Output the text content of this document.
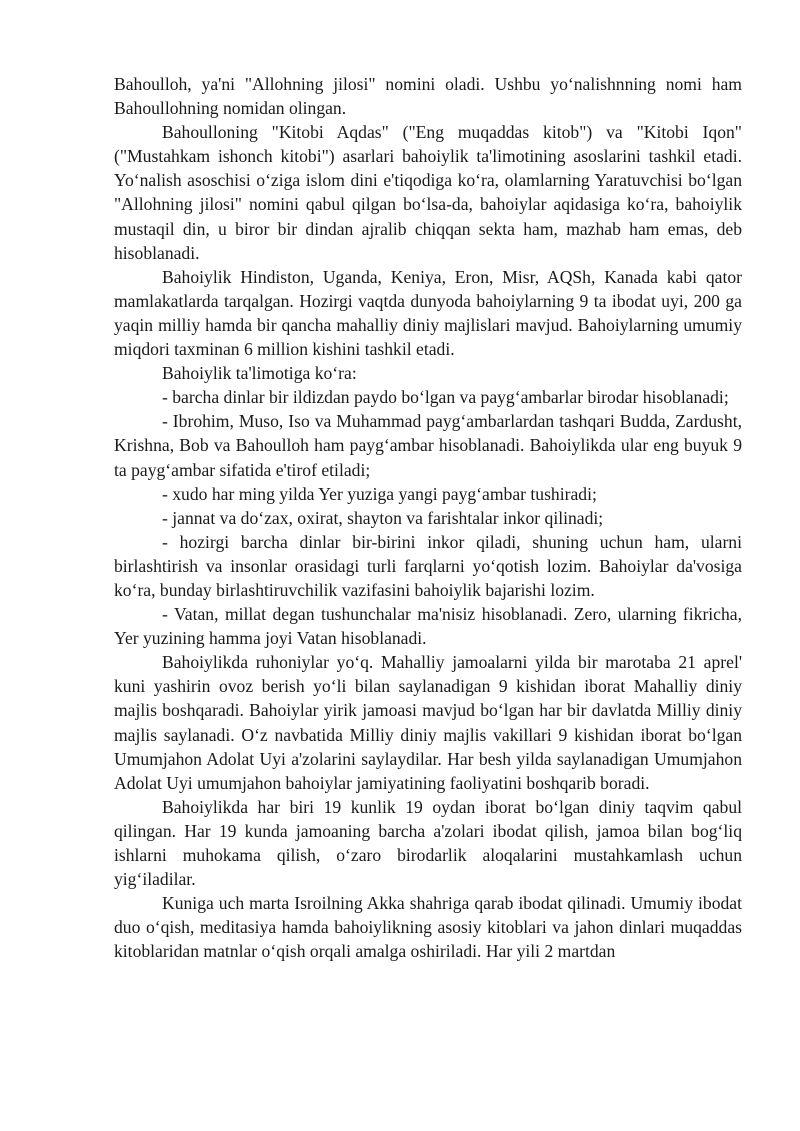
Bahoulloh, ya'ni "Allohning jilosi" nomini oladi. Ushbu yo‘nalishnning nomi ham Bahoullohning nomidan olingan.

Bahoulloning "Kitobi Aqdas" ("Eng muqaddas kitob") va "Kitobi Iqon" ("Mustahkam ishonch kitobi") asarlari bahoiylik ta'limotining asoslarini tashkil etadi. Yo‘nalish asoschisi o‘ziga islom dini e'tiqodiga ko‘ra, olamlarning Yaratuvchisi bo‘lgan "Allohning jilosi" nomini qabul qilgan bo‘lsa-da, bahoiylar aqidasiga ko‘ra, bahoiylik mustaqil din, u biror bir dindan ajralib chiqqan sekta ham, mazhab ham emas, deb hisoblanadi.

Bahoiylik Hindiston, Uganda, Keniya, Eron, Misr, AQSh, Kanada kabi qator mamlakatlarda tarqalgan. Hozirgi vaqtda dunyoda bahoiylarning 9 ta ibodat uyi, 200 ga yaqin milliy hamda bir qancha mahalliy diniy majlislari mavjud. Bahoiylarning umumiy miqdori taxminan 6 million kishini tashkil etadi.

Bahoiylik ta'limotiga ko‘ra:

- barcha dinlar bir ildizdan paydo bo‘lgan va payg‘ambarlar birodar hisoblanadi;

- Ibrohim, Muso, Iso va Muhammad payg‘ambarlardan tashqari Budda, Zardusht, Krishna, Bob va Bahoulloh ham payg‘ambar hisoblanadi. Bahoiylikda ular eng buyuk 9 ta payg‘ambar sifatida e'tirof etiladi;

- xudo har ming yilda Yer yuziga yangi payg‘ambar tushiradi;

- jannat va do‘zax, oxirat, shayton va farishtalar inkor qilinadi;

- hozirgi barcha dinlar bir-birini inkor qiladi, shuning uchun ham, ularni birlashtirish va insonlar orasidagi turli farqlarni yo‘qotish lozim. Bahoiylar da'vosiga ko‘ra, bunday birlashtiruvchilik vazifasini bahoiylik bajarishi lozim.

- Vatan, millat degan tushunchalar ma'nisiz hisoblanadi. Zero, ularning fikricha, Yer yuzining hamma joyi Vatan hisoblanadi.

Bahoiylikda ruhoniylar yo‘q. Mahalliy jamoalarni yilda bir marotaba 21 aprel' kuni yashirin ovoz berish yo‘li bilan saylanadigan 9 kishidan iborat Mahalliy diniy majlis boshqaradi. Bahoiylar yirik jamoasi mavjud bo‘lgan har bir davlatda Milliy diniy majlis saylanadi. O‘z navbatida Milliy diniy majlis vakillari 9 kishidan iborat bo‘lgan Umumjahon Adolat Uyi a'zolarini saylaydilar. Har besh yilda saylanadigan Umumjahon Adolat Uyi umumjahon bahoiylar jamiyatining faoliyatini boshqarib boradi.

Bahoiylikda har biri 19 kunlik 19 oydan iborat bo‘lgan diniy taqvim qabul qilingan. Har 19 kunda jamoaning barcha a'zolari ibodat qilish, jamoa bilan bog‘liq ishlarni muhokama qilish, o‘zaro birodarlik aloqalarini mustahkamlash uchun yig‘iladilar.

Kuniga uch marta Isroilning Akka shahriga qarab ibodat qilinadi. Umumiy ibodat duo o‘qish, meditasiya hamda bahoiylikning asosiy kitoblari va jahon dinlari muqaddas kitoblaridan matnlar o‘qish orqali amalga oshiriladi. Har yili 2 martdan
